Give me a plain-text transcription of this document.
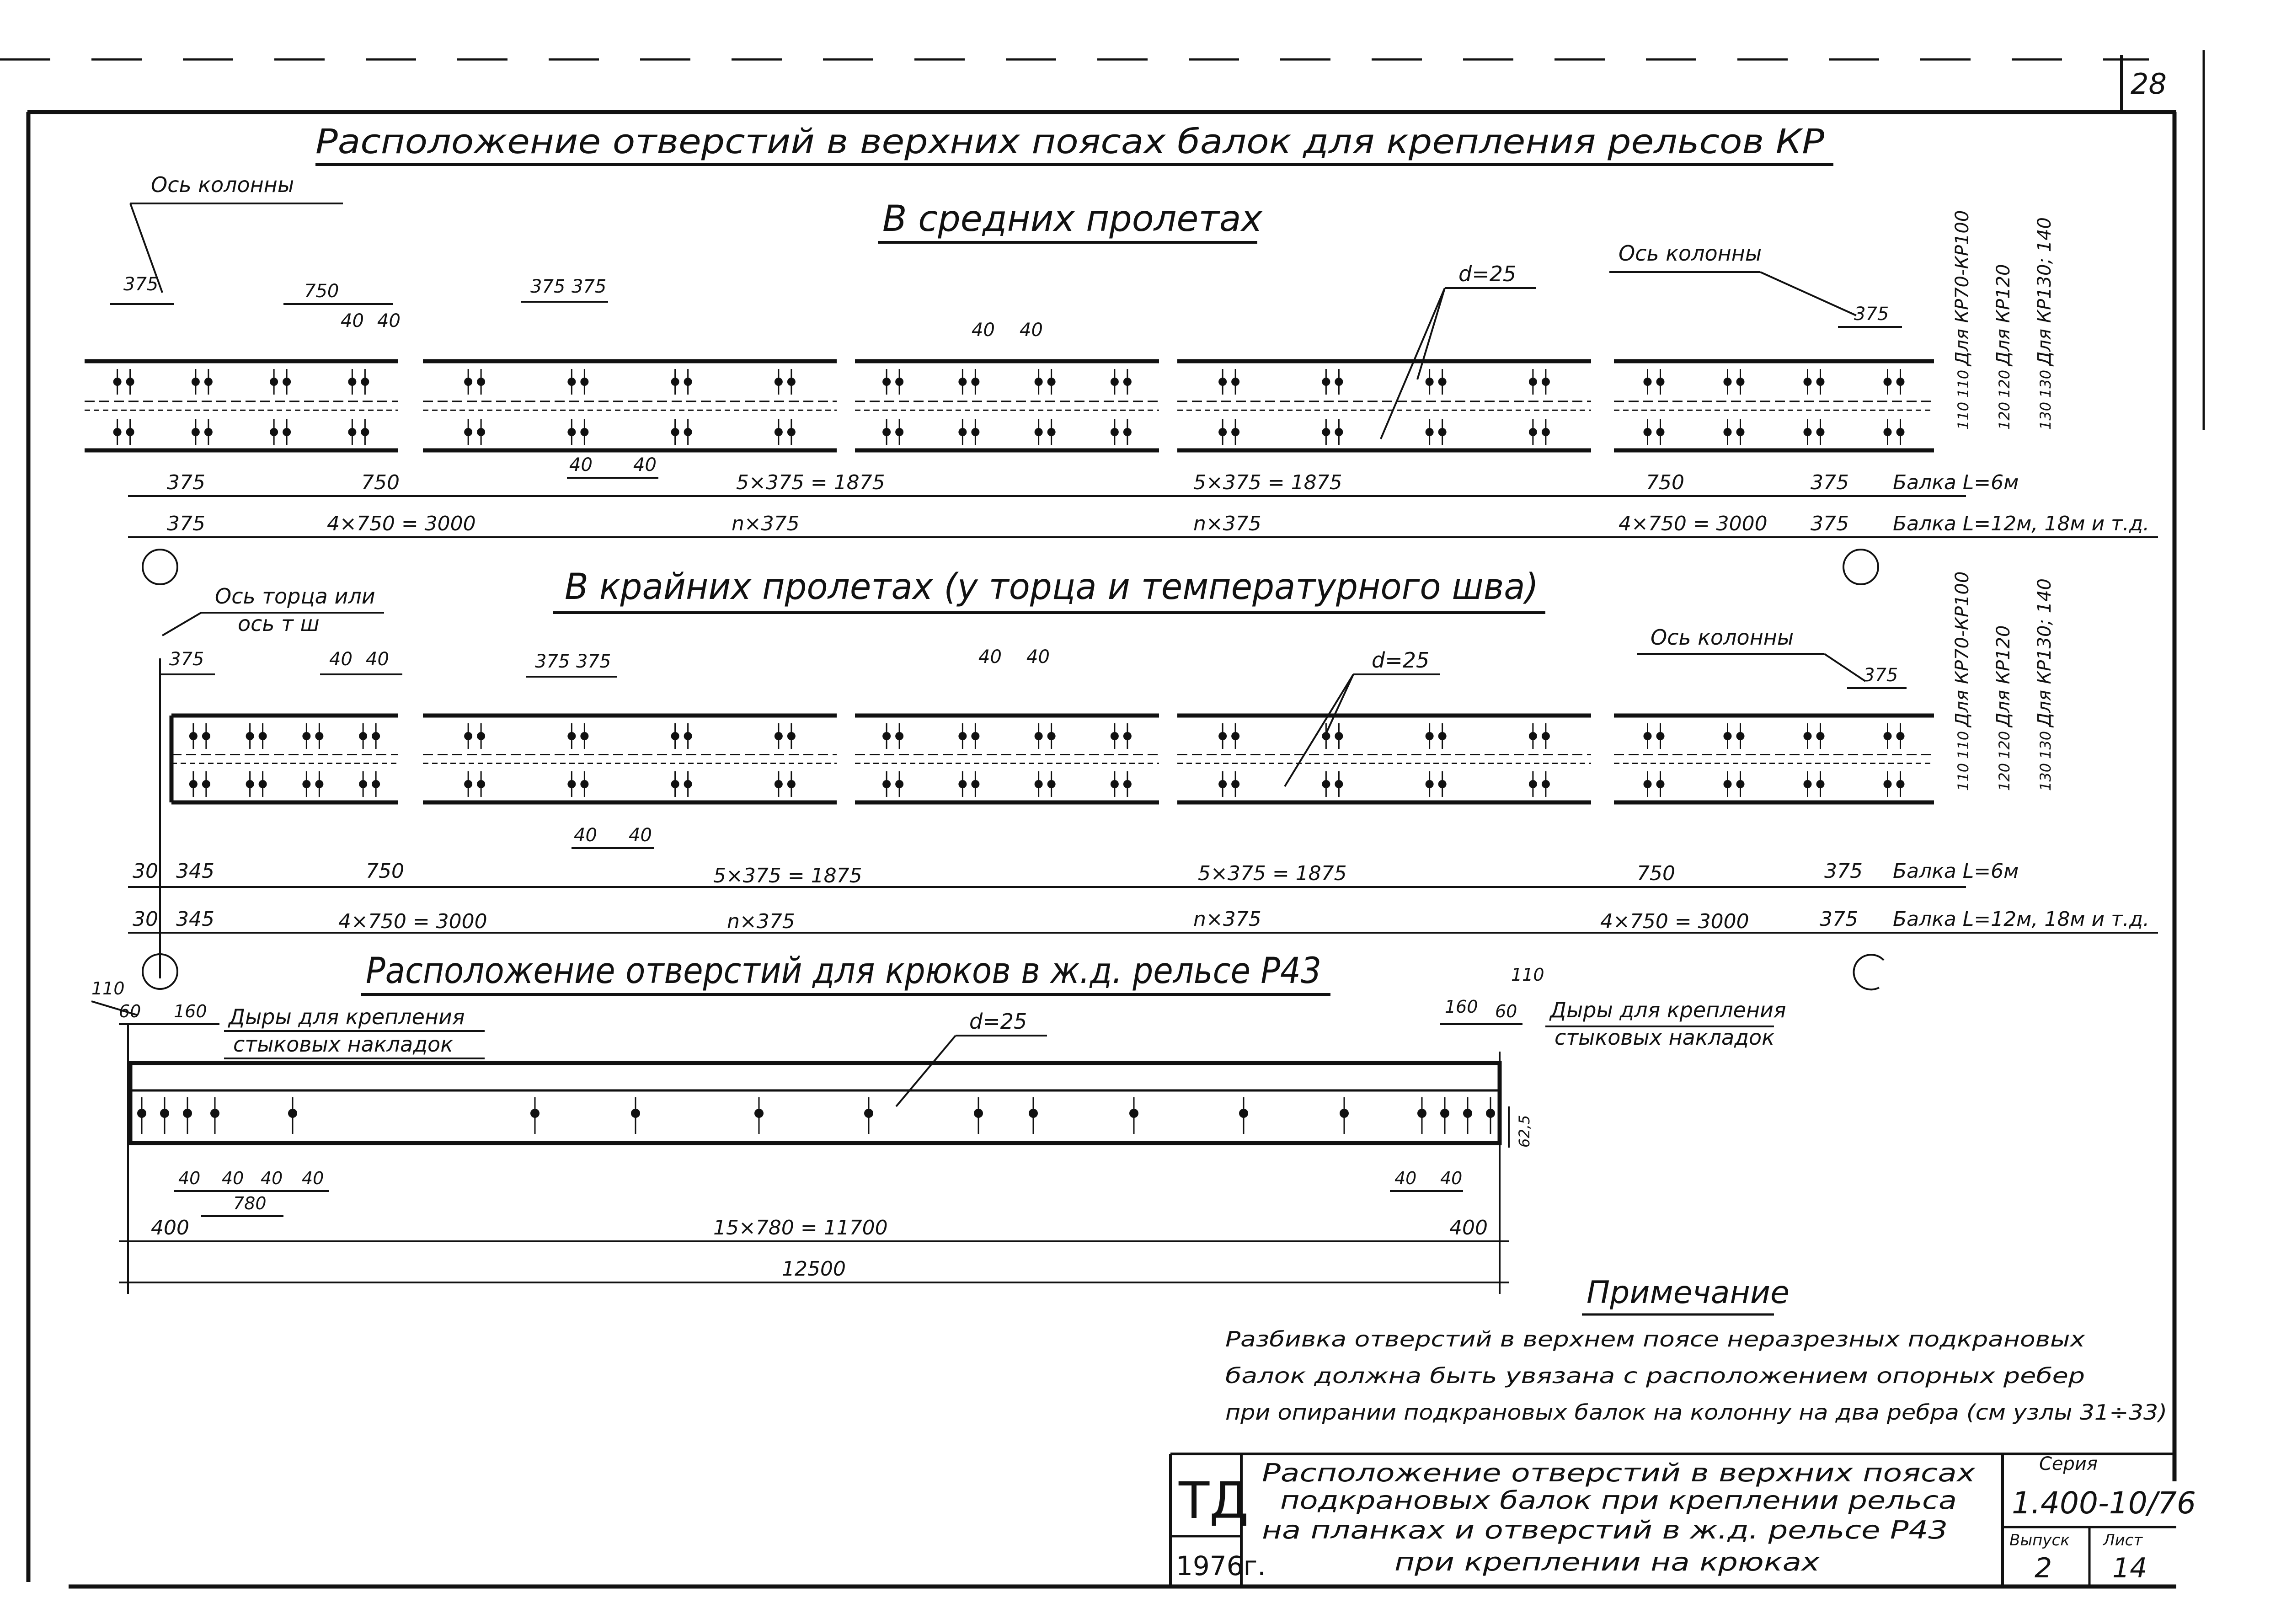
28
Расположение отверстий в верхних поясах балок для крепления рельсов КР
В средних пролетах
Ось колонны
Ось колонны
d=25
375	750
40 40
375 375
40 40
375
40 40
Для КР70-КР100 Для КР120 Для КР130; 140
110
110
120
120
130
130
375	750	5×375 = 1875	5×375 = 1875	750	375 Балка L=6м
375	4×750 = 3000	n×375	n×375	4×750 = 3000 375 Балка L=12м, 18м и т.д.
В крайних пролетах (у торца и температурного шва)
Ось торца или
ось т ш
Ось колонны
d=25
375	40 40	375 375	40 40
375
40 40
Для КР70-КР100 Для КР120 Для КР130; 140
110
110
120
120
130
130
30 345	750	5×375 = 1875	5×375 = 1875	750	375 Балка L=6м
30 345	4×750 = 3000	n×375	n×375	4×750 = 3000	375 Балка L=12м, 18м и т.д.
Расположение отверстий для крюков в ж.д. рельсе Р43
Дыры для крепления
стыковых накладок
Дыры для крепления
стыковых накладок
d=25
110
60 160
110
160 60
62,5
40 40 40 40
780
40 40
400	15×780 = 11700	400
12500
Примечание
Разбивка отверстий в верхнем поясе неразрезных подкрановых
балок должна быть увязана с расположением опорных ребер
при опирании подкрановых балок на колонну на два ребра (см узлы 31÷33)
ТД
1976г.
Расположение отверстий в верхних поясах
подкрановых балок при креплении рельса
на планках и отверстий в ж.д. рельсе Р43
при креплении на крюках
Серия
1.400-10/76
Выпуск
2
Лист
14
